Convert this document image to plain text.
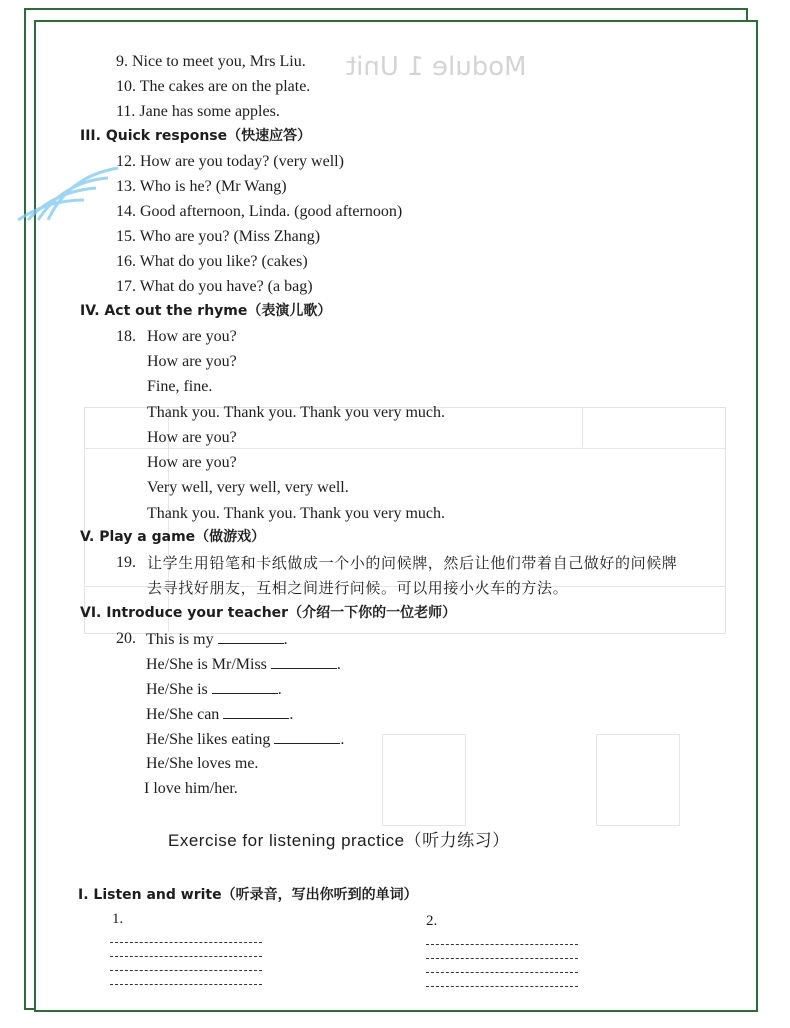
Module 1 Unit
9. Nice to meet you, Mrs Liu.
10. The cakes are on the plate.
11. Jane has some apples.
III. Quick response（快速应答）
12. How are you today? (very well)
13. Who is he? (Mr Wang)
14. Good afternoon, Linda. (good afternoon)
15. Who are you? (Miss Zhang)
16. What do you like? (cakes)
17. What do you have? (a bag)
IV. Act out the rhyme（表演儿歌）
18. How are you?
How are you?
Fine, fine.
Thank you. Thank you. Thank you very much.
How are you?
How are you?
Very well, very well, very well.
Thank you. Thank you. Thank you very much.
V. Play a game（做游戏）
19. 让学生用铅笔和卡纸做成一个小的问候牌，然后让他们带着自己做好的问候牌
去寻找好朋友，互相之间进行问候。可以用接小火车的方法。
VI. Introduce your teacher（介绍一下你的一位老师）
20. This is my	.
He/She is Mr/Miss	.
He/She is	.
He/She can	.
He/She likes eating	.
He/She loves me.
I love him/her.
Exercise for listening practice（听力练习）
I. Listen and write（听录音，写出你听到的单词）
1.	2.
